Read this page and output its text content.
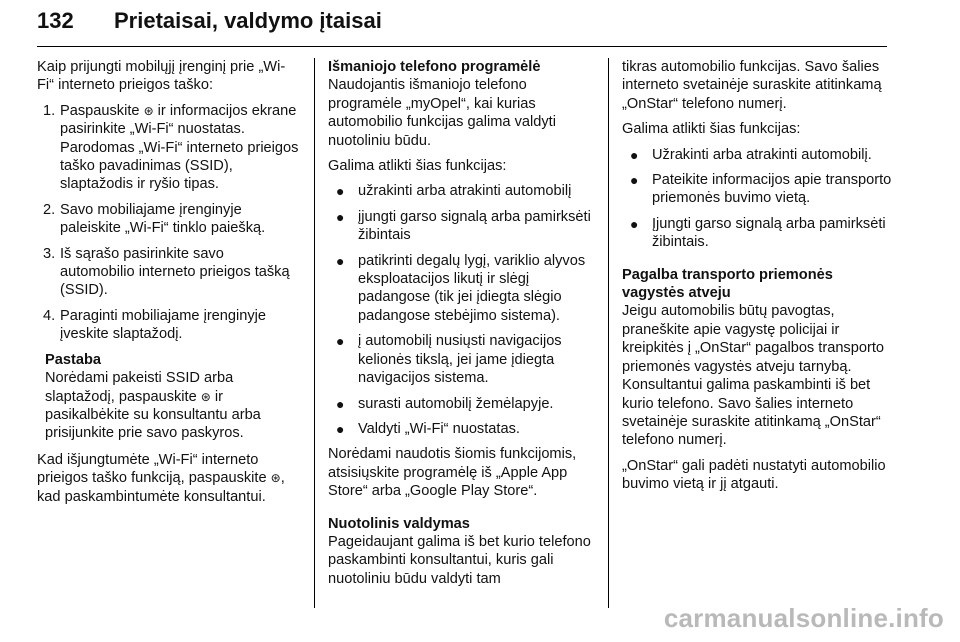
132 Prietaisai, valdymo įtaisai

Kaip prijungti mobilųjį įrenginį prie „Wi-Fi“ interneto prieigos taško:

1. Paspauskite ⊛ ir informacijos ekrane pasirinkite „Wi-Fi“ nuostatas. Parodomas „Wi-Fi“ interneto prieigos taško pavadinimas (SSID), slaptažodis ir ryšio tipas.
2. Savo mobiliajame įrenginyje paleiskite „Wi-Fi“ tinklo paiešką.
3. Iš sąrašo pasirinkite savo automobilio interneto prieigos tašką (SSID).
4. Paraginti mobiliajame įrenginyje įveskite slaptažodį.

Pastaba

Norėdami pakeisti SSID arba slaptažodį, paspauskite ⊛ ir pasikalbėkite su konsultantu arba prisijunkite prie savo paskyros.

Kad išjungtumėte „Wi-Fi“ interneto prieigos taško funkciją, paspauskite ⊛, kad paskambintumėte konsultantui.

Išmaniojo telefono programėlė

Naudojantis išmaniojo telefono programėle „myOpel“, kai kurias automobilio funkcijas galima valdyti nuotoliniu būdu.

Galima atlikti šias funkcijas:

● užrakinti arba atrakinti automobilį
● įjungti garso signalą arba pamirksėti žibintais
● patikrinti degalų lygį, variklio alyvos eksploatacijos likutį ir slėgį padangose (tik jei įdiegta slėgio padangose stebėjimo sistema).
● į automobilį nusiųsti navigacijos kelionės tikslą, jei jame įdiegta navigacijos sistema.
● surasti automobilį žemėlapyje.
● Valdyti „Wi-Fi“ nuostatas.

Norėdami naudotis šiomis funkcijomis, atsisiųskite programėlę iš „Apple App Store“ arba „Google Play Store“.

Nuotolinis valdymas

Pageidaujant galima iš bet kurio telefono paskambinti konsultantui, kuris gali nuotoliniu būdu valdyti tam

tikras automobilio funkcijas. Savo šalies interneto svetainėje suraskite atitinkamą „OnStar“ telefono numerį.

Galima atlikti šias funkcijas:

● Užrakinti arba atrakinti automobilį.
● Pateikite informacijos apie transporto priemonės buvimo vietą.
● Įjungti garso signalą arba pamirksėti žibintais.

Pagalba transporto priemonės vagystės atveju

Jeigu automobilis būtų pavogtas, praneškite apie vagystę policijai ir kreipkitės į „OnStar“ pagalbos transporto priemonės vagystės atveju tarnybą. Konsultantui galima paskambinti iš bet kurio telefono. Savo šalies interneto svetainėje suraskite atitinkamą „OnStar“ telefono numerį.

„OnStar“ gali padėti nustatyti automobilio buvimo vietą ir jį atgauti.

carmanualsonline.info
